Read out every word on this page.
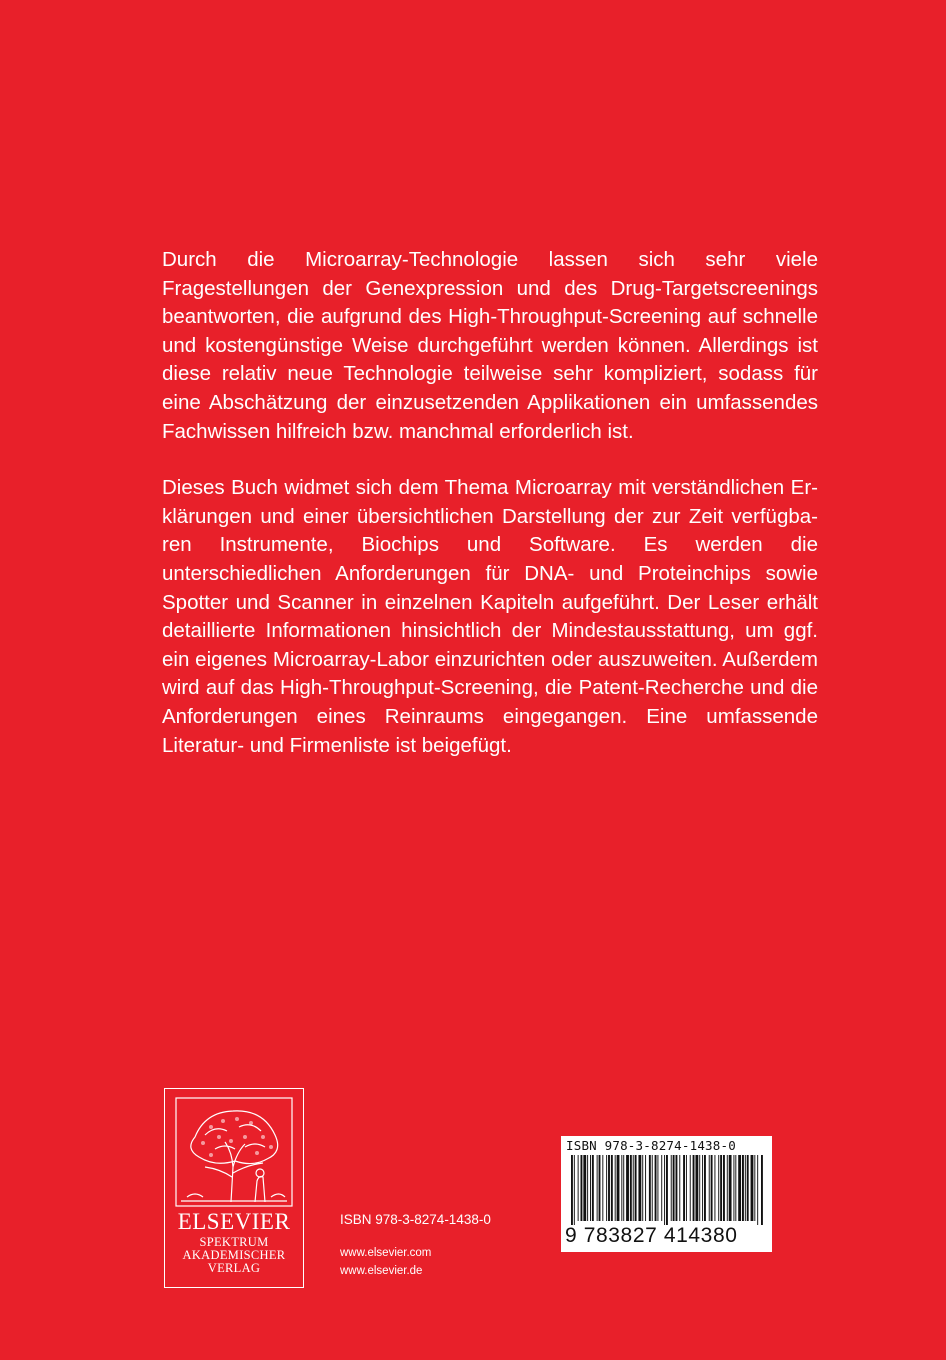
Durch die Microarray-Technologie lassen sich sehr viele Fragestellungen der Genexpression und des Drug-Targetscreenings beantworten, die aufgrund des High-Throughput-Screening auf schnelle und kostengünstige Weise durchgeführt werden können. Allerdings ist diese relativ neue Technologie teilweise sehr kompliziert, sodass für eine Abschätzung der einzusetzenden Applikationen ein umfassendes Fachwissen hilfreich bzw. manchmal erforderlich ist.

Dieses Buch widmet sich dem Thema Microarray mit verständlichen Erklärungen und einer übersichtlichen Darstellung der zur Zeit verfügbaren Instrumente, Biochips und Software. Es werden die unterschiedlichen Anforderungen für DNA- und Proteinchips sowie Spotter und Scanner in einzelnen Kapiteln aufgeführt. Der Leser erhält detaillierte Informationen hinsichtlich der Mindestausstattung, um ggf. ein eigenes Microarray-Labor einzurichten oder auszuweiten. Außerdem wird auf das High-Throughput-Screening, die Patent-Recherche und die Anforderungen eines Reinraums eingegangen. Eine umfassende Literatur- und Firmenliste ist beigefügt.

ELSEVIER
SPEKTRUM
AKADEMISCHER
VERLAG
ISBN 978-3-8274-1438-0
www.elsevier.com
www.elsevier.de
ISBN 978-3-8274-1438-0
9 783827 414380
